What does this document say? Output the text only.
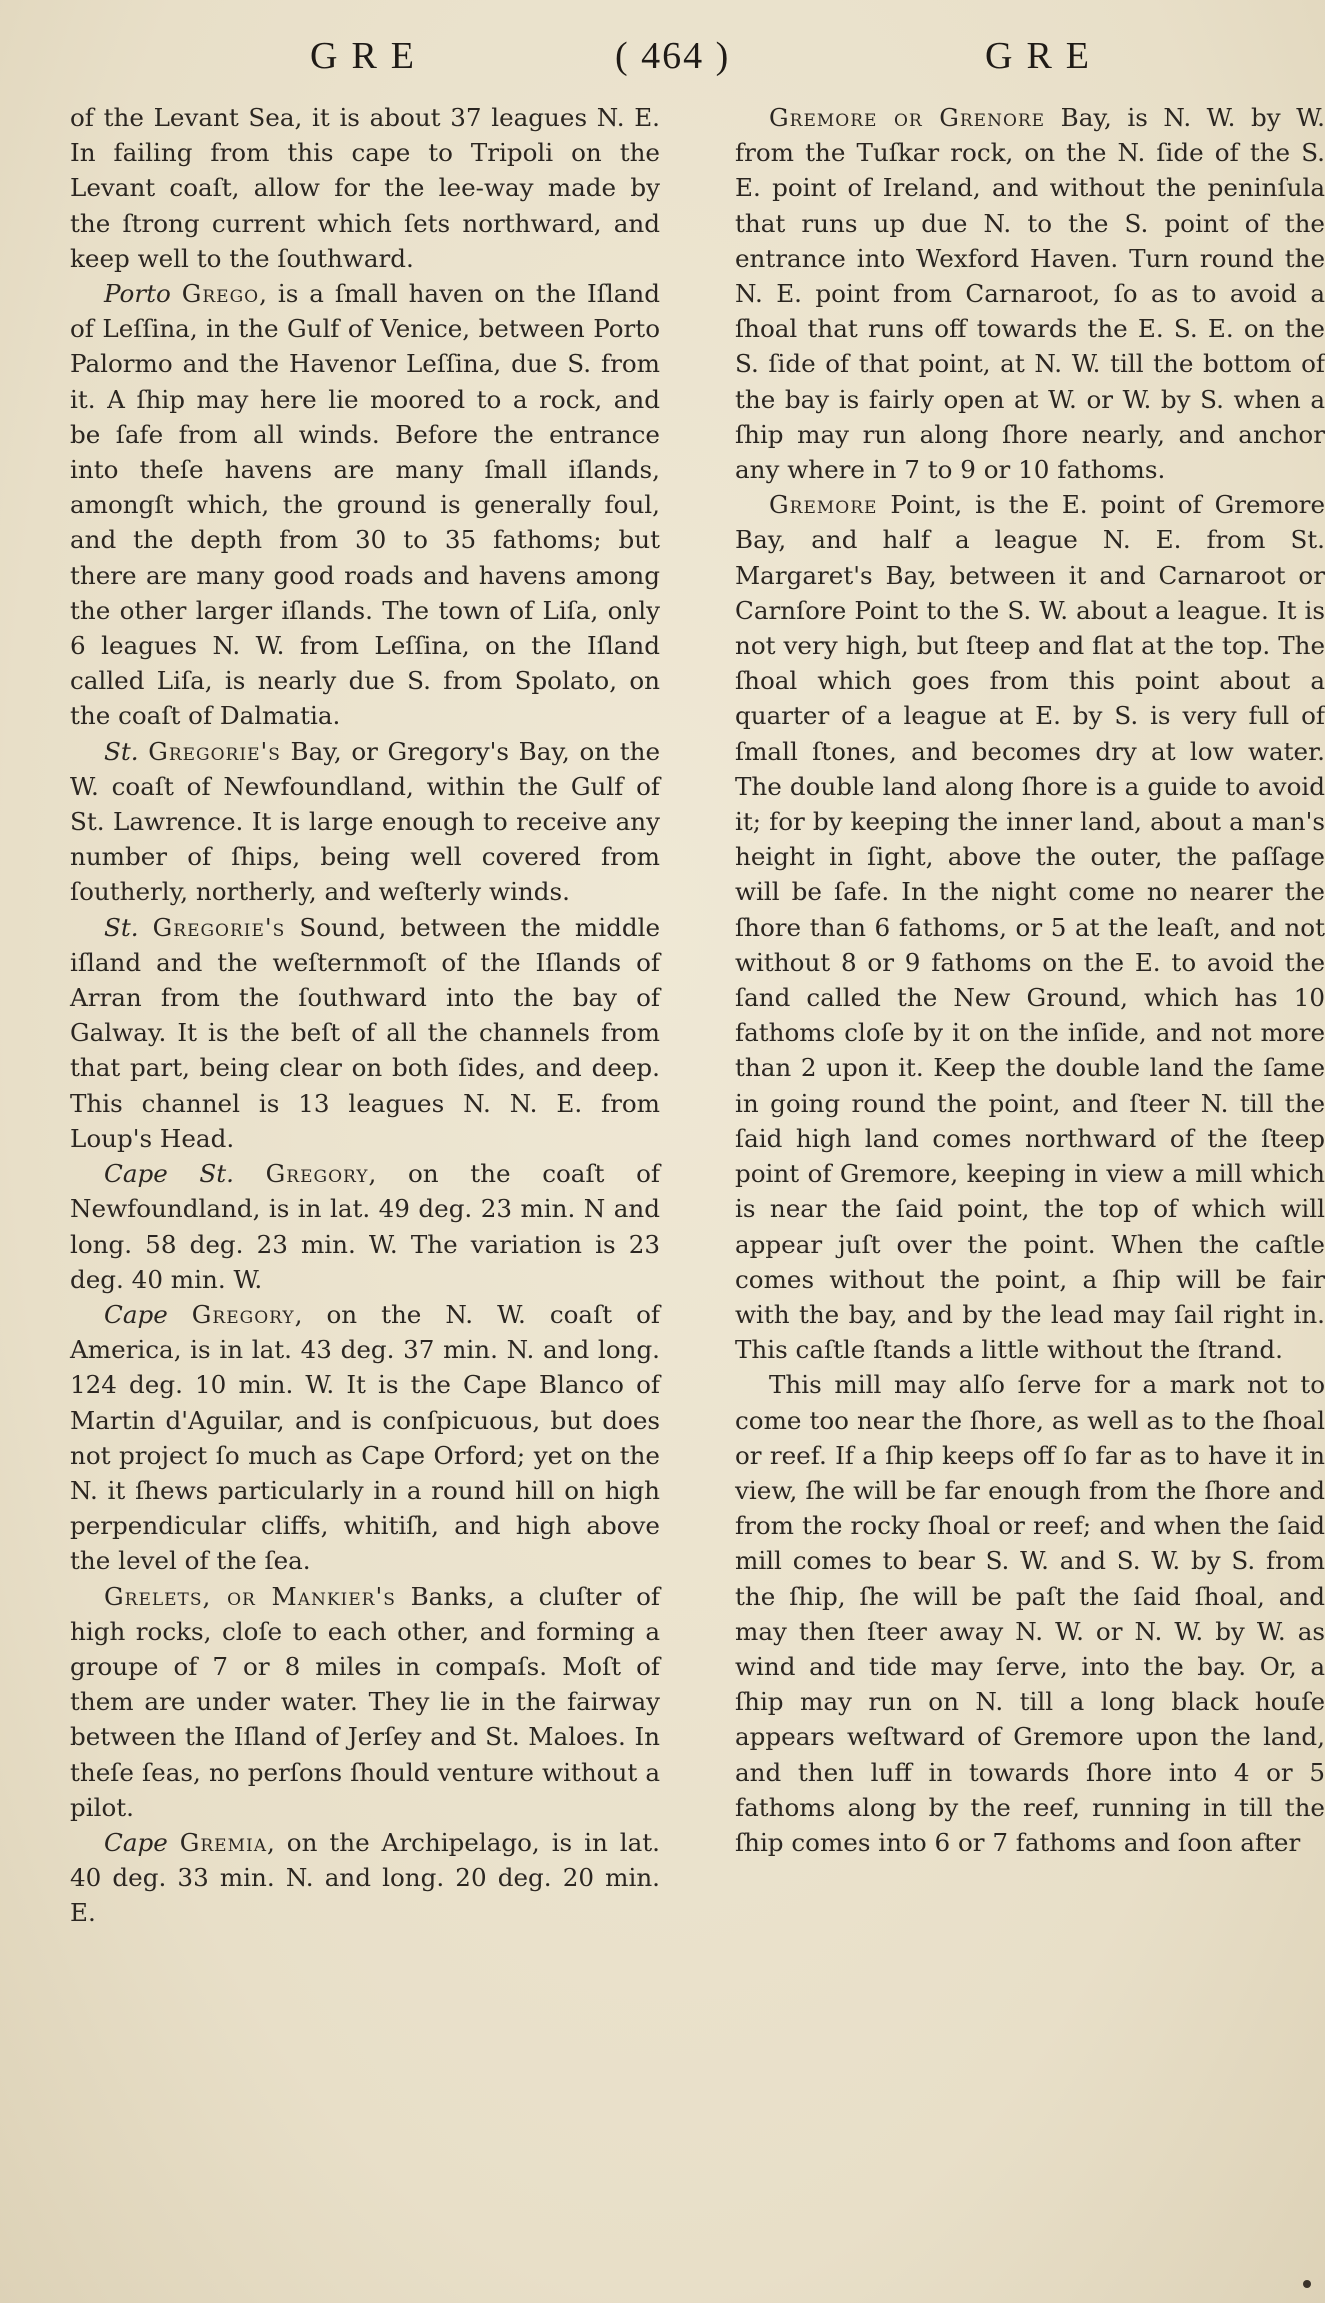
GRE	( 464 )	GRE

of the Levant Sea, it is about 37 leagues N. E. In failing from this cape to Tripoli on the Levant coaſt, allow for the lee-way made by the ſtrong current which ſets northward, and keep well to the ſouthward.

Porto Grego, is a ſmall haven on the Iſland of Leſſina, in the Gulf of Venice, between Porto Palormo and the Havenor Leſſina, due S. from it. A ſhip may here lie moored to a rock, and be ſafe from all winds. Before the entrance into theſe havens are many ſmall iſlands, amongſt which, the ground is generally foul, and the depth from 30 to 35 fathoms; but there are many good roads and havens among the other larger iſlands. The town of Liſa, only 6 leagues N. W. from Leſſina, on the Iſland called Liſa, is nearly due S. from Spolato, on the coaſt of Dalmatia.

St. Gregorie's Bay, or Gregory's Bay, on the W. coaſt of Newfoundland, within the Gulf of St. Lawrence. It is large enough to receive any number of ſhips, being well covered from ſoutherly, northerly, and weſterly winds.

St. Gregorie's Sound, between the middle iſland and the weſternmoſt of the Iſlands of Arran from the ſouthward into the bay of Galway. It is the beſt of all the channels from that part, being clear on both ſides, and deep. This channel is 13 leagues N. N. E. from Loup's Head.

Cape St. Gregory, on the coaſt of Newfoundland, is in lat. 49 deg. 23 min. N and long. 58 deg. 23 min. W. The variation is 23 deg. 40 min. W.

Cape Gregory, on the N. W. coaſt of America, is in lat. 43 deg. 37 min. N. and long. 124 deg. 10 min. W. It is the Cape Blanco of Martin d'Aguilar, and is conſpicuous, but does not project ſo much as Cape Orford; yet on the N. it ſhews particularly in a round hill on high perpendicular cliffs, whitiſh, and high above the level of the ſea.

Grelets, or Mankier's Banks, a cluſter of high rocks, cloſe to each other, and forming a groupe of 7 or 8 miles in compaſs. Moſt of them are under water. They lie in the fairway between the Iſland of Jerſey and St. Maloes. In theſe ſeas, no perſons ſhould venture without a pilot.

Cape Gremia, on the Archipelago, is in lat. 40 deg. 33 min. N. and long. 20 deg. 20 min. E.

Gremore or Grenore Bay, is N. W. by W. from the Tuſkar rock, on the N. ſide of the S. E. point of Ireland, and without the peninſula that runs up due N. to the S. point of the entrance into Wexford Haven. Turn round the N. E. point from Carnaroot, ſo as to avoid a ſhoal that runs off towards the E. S. E. on the S. ſide of that point, at N. W. till the bottom of the bay is fairly open at W. or W. by S. when a ſhip may run along ſhore nearly, and anchor any where in 7 to 9 or 10 fathoms.

Gremore Point, is the E. point of Gremore Bay, and half a league N. E. from St. Margaret's Bay, between it and Carnaroot or Carnſore Point to the S. W. about a league. It is not very high, but ſteep and flat at the top. The ſhoal which goes from this point about a quarter of a league at E. by S. is very full of ſmall ſtones, and becomes dry at low water. The double land along ſhore is a guide to avoid it; for by keeping the inner land, about a man's height in ſight, above the outer, the paſſage will be ſafe. In the night come no nearer the ſhore than 6 fathoms, or 5 at the leaſt, and not without 8 or 9 fathoms on the E. to avoid the ſand called the New Ground, which has 10 fathoms cloſe by it on the inſide, and not more than 2 upon it. Keep the double land the ſame in going round the point, and ſteer N. till the ſaid high land comes northward of the ſteep point of Gremore, keeping in view a mill which is near the ſaid point, the top of which will appear juſt over the point. When the caſtle comes without the point, a ſhip will be fair with the bay, and by the lead may ſail right in. This caſtle ſtands a little without the ſtrand.

This mill may alſo ſerve for a mark not to come too near the ſhore, as well as to the ſhoal or reef. If a ſhip keeps off ſo far as to have it in view, ſhe will be far enough from the ſhore and from the rocky ſhoal or reef; and when the ſaid mill comes to bear S. W. and S. W. by S. from the ſhip, ſhe will be paſt the ſaid ſhoal, and may then ſteer away N. W. or N. W. by W. as wind and tide may ſerve, into the bay. Or, a ſhip may run on N. till a long black houſe appears weſtward of Gremore upon the land, and then luff in towards ſhore into 4 or 5 fathoms along by the reef, running in till the ſhip comes into 6 or 7 fathoms and ſoon after
